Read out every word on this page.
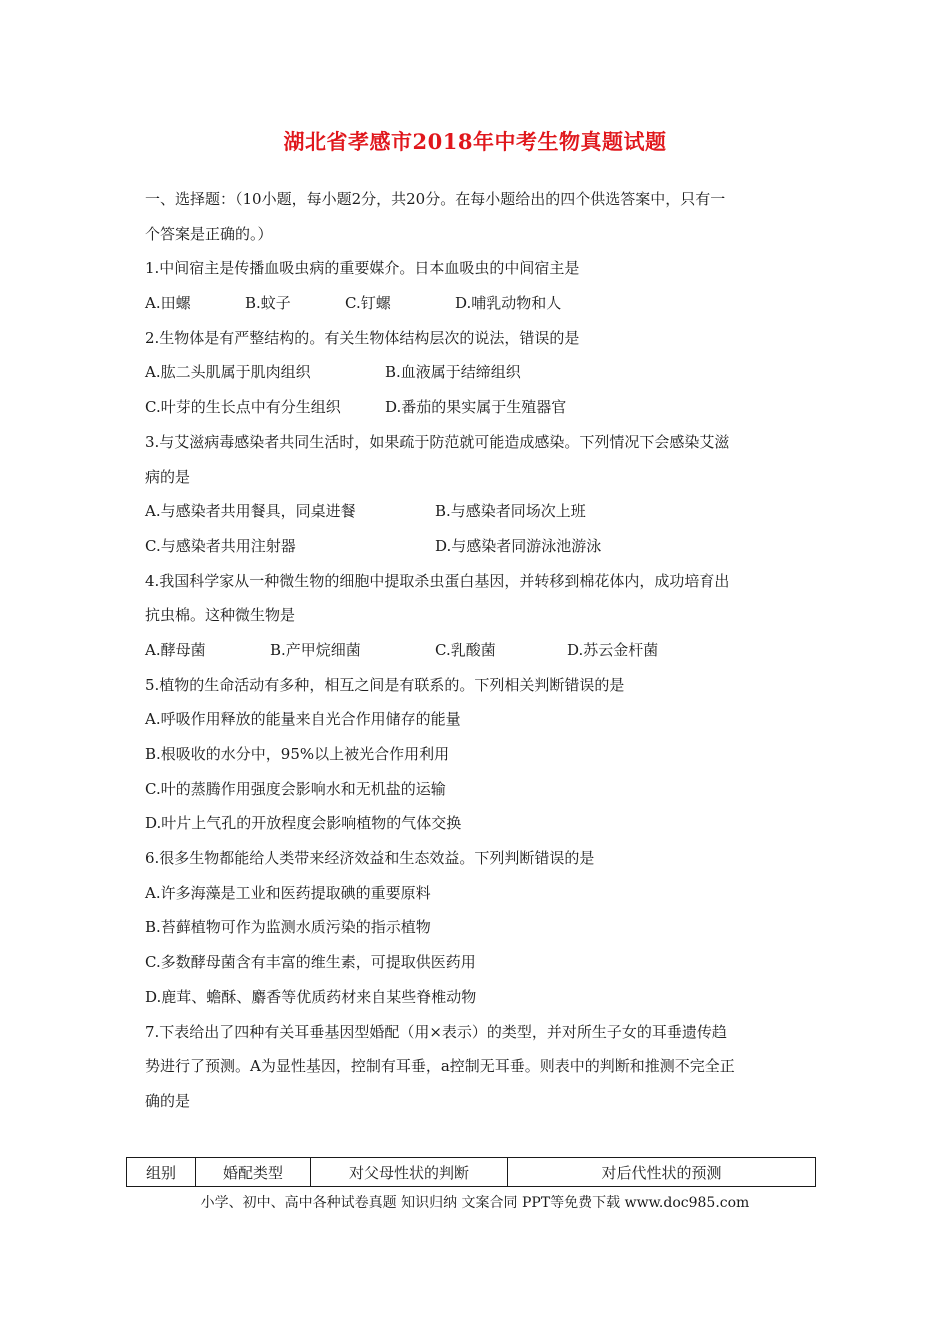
湖北省孝感市2018年中考生物真题试题
一、选择题：（10小题，每小题2分，共20分。在每小题给出的四个供选答案中，只有一
个答案是正确的。）
1.中间宿主是传播血吸虫病的重要媒介。日本血吸虫的中间宿主是
A.田螺	B.蚊子	C.钉螺	D.哺乳动物和人
2.生物体是有严整结构的。有关生物体结构层次的说法，错误的是
A.肱二头肌属于肌肉组织	B.血液属于结缔组织
C.叶芽的生长点中有分生组织	D.番茄的果实属于生殖器官
3.与艾滋病毒感染者共同生活时，如果疏于防范就可能造成感染。下列情况下会感染艾滋
病的是
A.与感染者共用餐具，同桌进餐	B.与感染者同场次上班
C.与感染者共用注射器	D.与感染者同游泳池游泳
4.我国科学家从一种微生物的细胞中提取杀虫蛋白基因，并转移到棉花体内，成功培育出
抗虫棉。这种微生物是
A.酵母菌	B.产甲烷细菌	C.乳酸菌	D.苏云金杆菌
5.植物的生命活动有多种，相互之间是有联系的。下列相关判断错误的是
A.呼吸作用释放的能量来自光合作用储存的能量
B.根吸收的水分中，95%以上被光合作用利用
C.叶的蒸腾作用强度会影响水和无机盐的运输
D.叶片上气孔的开放程度会影响植物的气体交换
6.很多生物都能给人类带来经济效益和生态效益。下列判断错误的是
A.许多海藻是工业和医药提取碘的重要原料
B.苔藓植物可作为监测水质污染的指示植物
C.多数酵母菌含有丰富的维生素，可提取供医药用
D.鹿茸、蟾酥、麝香等优质药材来自某些脊椎动物
7.下表给出了四种有关耳垂基因型婚配（用×表示）的类型，并对所生子女的耳垂遗传趋
势进行了预测。A为显性基因，控制有耳垂，a控制无耳垂。则表中的判断和推测不完全正
确的是
组别	婚配类型	对父母性状的判断	对后代性状的预测
小学、初中、高中各种试卷真题 知识归纳 文案合同 PPT等免费下载 www.doc985.com
